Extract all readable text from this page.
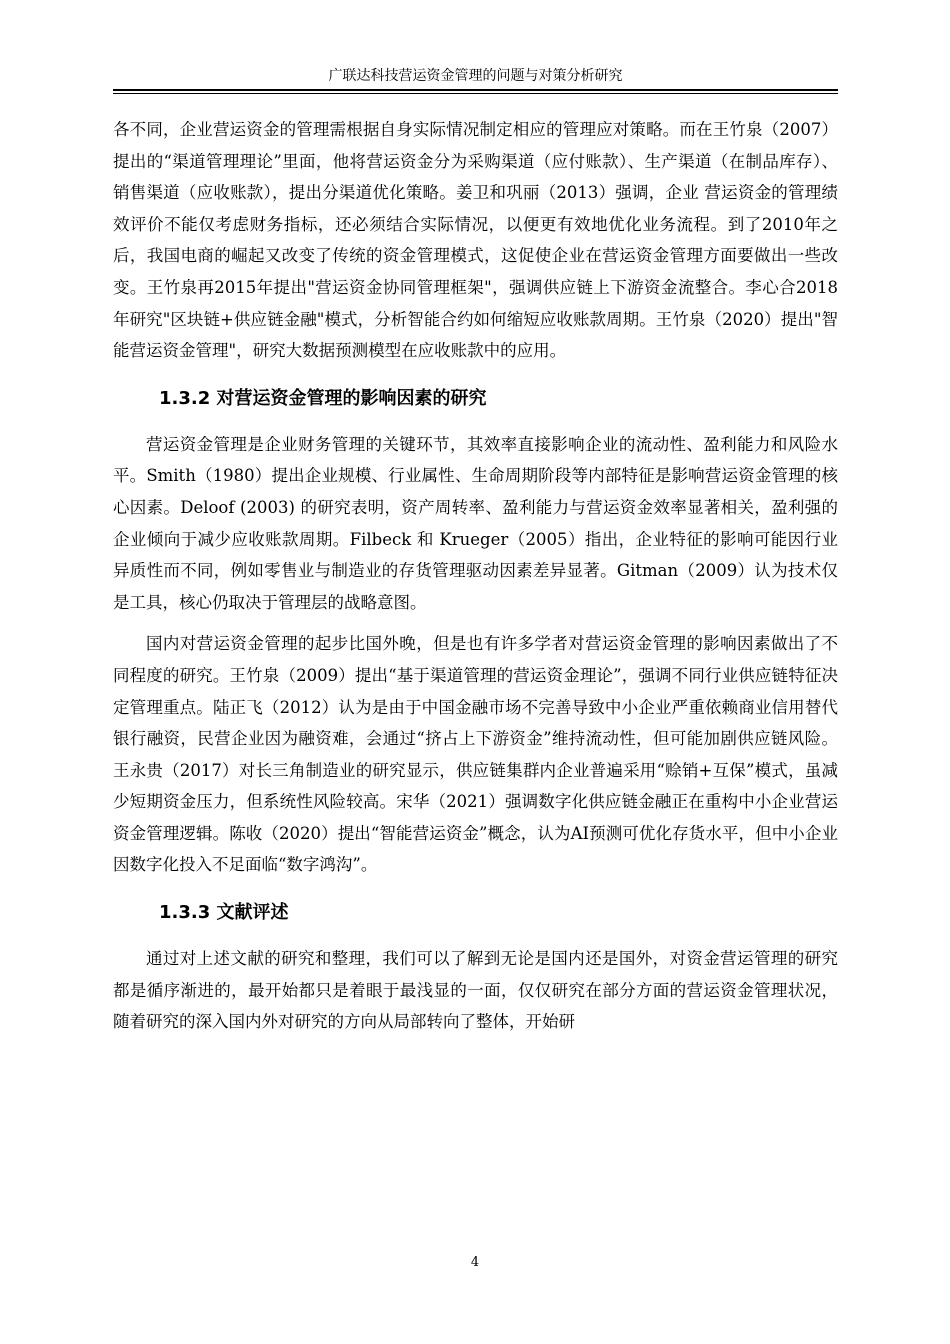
广联达科技营运资金管理的问题与对策分析研究

各不同，企业营运资金的管理需根据自身实际情况制定相应的管理应对策略。而在王竹泉（2007）提出的“渠道管理理论”里面，他将营运资金分为采购渠道（应付账款）、生产渠道（在制品库存）、销售渠道（应收账款），提出分渠道优化策略。姜卫和巩丽（2013）强调，企业 营运资金的管理绩效评价不能仅考虑财务指标，还必须结合实际情况，以便更有效地优化业务流程。到了2010年之后，我国电商的崛起又改变了传统的资金管理模式，这促使企业在营运资金管理方面要做出一些改变。王竹泉再2015年提出"营运资金协同管理框架"，强调供应链上下游资金流整合。李心合2018年研究"区块链+供应链金融"模式，分析智能合约如何缩短应收账款周期。王竹泉（2020）提出"智能营运资金管理"，研究大数据预测模型在应收账款中的应用。

1.3.2 对营运资金管理的影响因素的研究

营运资金管理是企业财务管理的关键环节，其效率直接影响企业的流动性、盈利能力和风险水平。Smith（1980）提出企业规模、行业属性、生命周期阶段等内部特征是影响营运资金管理的核心因素。Deloof (2003) 的研究表明，资产周转率、盈利能力与营运资金效率显著相关，盈利强的企业倾向于减少应收账款周期。Filbeck 和 Krueger（2005）指出，企业特征的影响可能因行业异质性而不同，例如零售业与制造业的存货管理驱动因素差异显著。Gitman（2009）认为技术仅是工具，核心仍取决于管理层的战略意图。

国内对营运资金管理的起步比国外晚，但是也有许多学者对营运资金管理的影响因素做出了不同程度的研究。王竹泉（2009）提出“基于渠道管理的营运资金理论”，强调不同行业供应链特征决定管理重点。陆正飞（2012）认为是由于中国金融市场不完善导致中小企业严重依赖商业信用替代银行融资，民营企业因为融资难，会通过“挤占上下游资金”维持流动性，但可能加剧供应链风险。王永贵（2017）对长三角制造业的研究显示，供应链集群内企业普遍采用“赊销+互保”模式，虽减少短期资金压力，但系统性风险较高。宋华（2021）强调数字化供应链金融正在重构中小企业营运资金管理逻辑。陈收（2020）提出“智能营运资金”概念，认为AI预测可优化存货水平，但中小企业因数字化投入不足面临“数字鸿沟”。

1.3.3 文献评述

通过对上述文献的研究和整理，我们可以了解到无论是国内还是国外，对资金营运管理的研究都是循序渐进的，最开始都只是着眼于最浅显的一面，仅仅研究在部分方面的营运资金管理状况，随着研究的深入国内外对研究的方向从局部转向了整体，开始研

4
